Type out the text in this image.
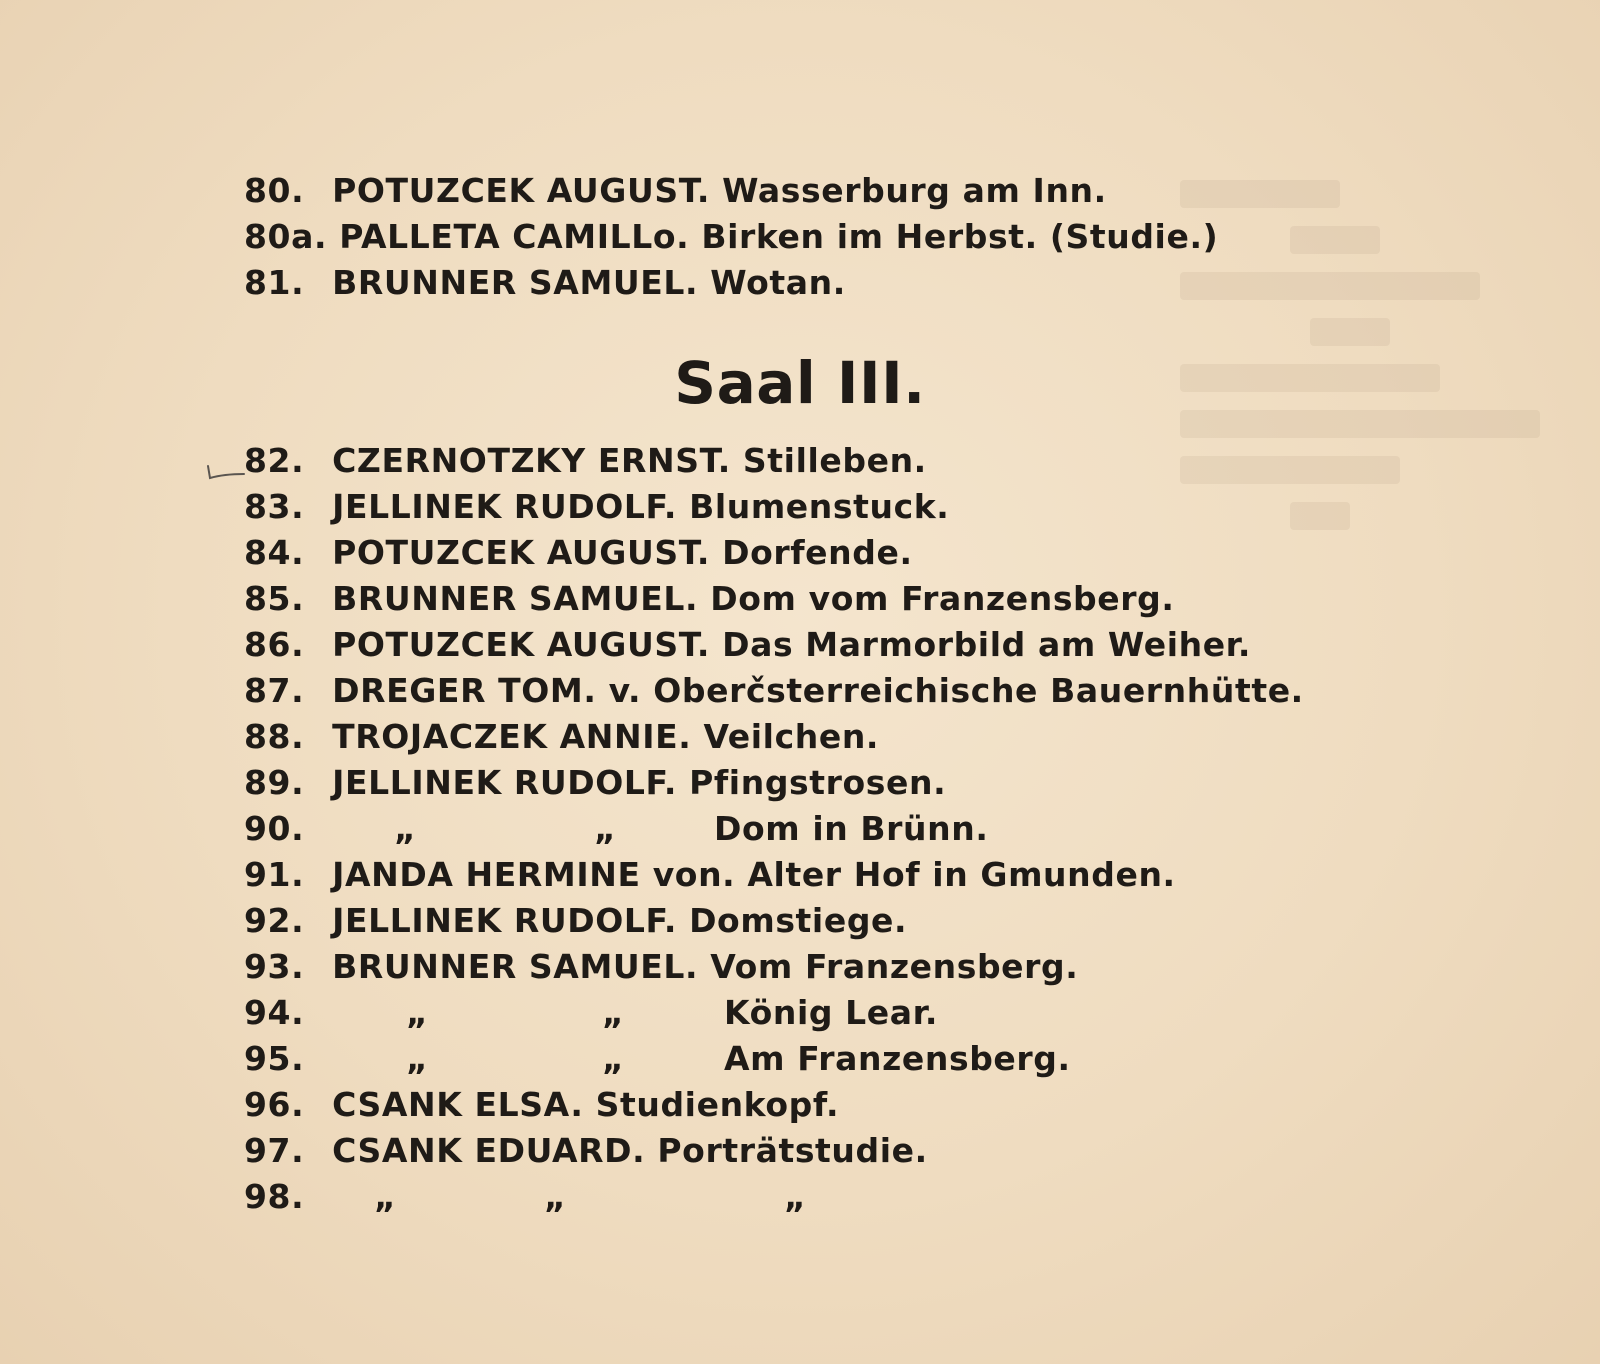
80. POTUZCEK AUGUST. Wasserburg am Inn.
80a. PALLETA CAMILLo. Birken im Herbst. (Studie.)
81. BRUNNER SAMUEL. Wotan.
Saal III.
82. CZERNOTZKY ERNST. Stilleben.
83. JELLINEK RUDOLF. Blumenstuck.
84. POTUZCEK AUGUST. Dorfende.
85. BRUNNER SAMUEL. Dom vom Franzensberg.
86. POTUZCEK AUGUST. Das Marmorbild am Weiher.
87. DREGER TOM. v. Oberčsterreichische Bauernhütte.
88. TROJACZEK ANNIE. Veilchen.
89. JELLINEK RUDOLF. Pfingstrosen.
90.	„	„	Dom in Brünn.
91. JANDA HERMINE von. Alter Hof in Gmunden.
92. JELLINEK RUDOLF. Domstiege.
93. BRUNNER SAMUEL. Vom Franzensberg.
94.	„	„	König Lear.
95.	„	„	Am Franzensberg.
96. CSANK ELSA. Studienkopf.
97. CSANK EDUARD. Porträtstudie.
98. „	„	„
